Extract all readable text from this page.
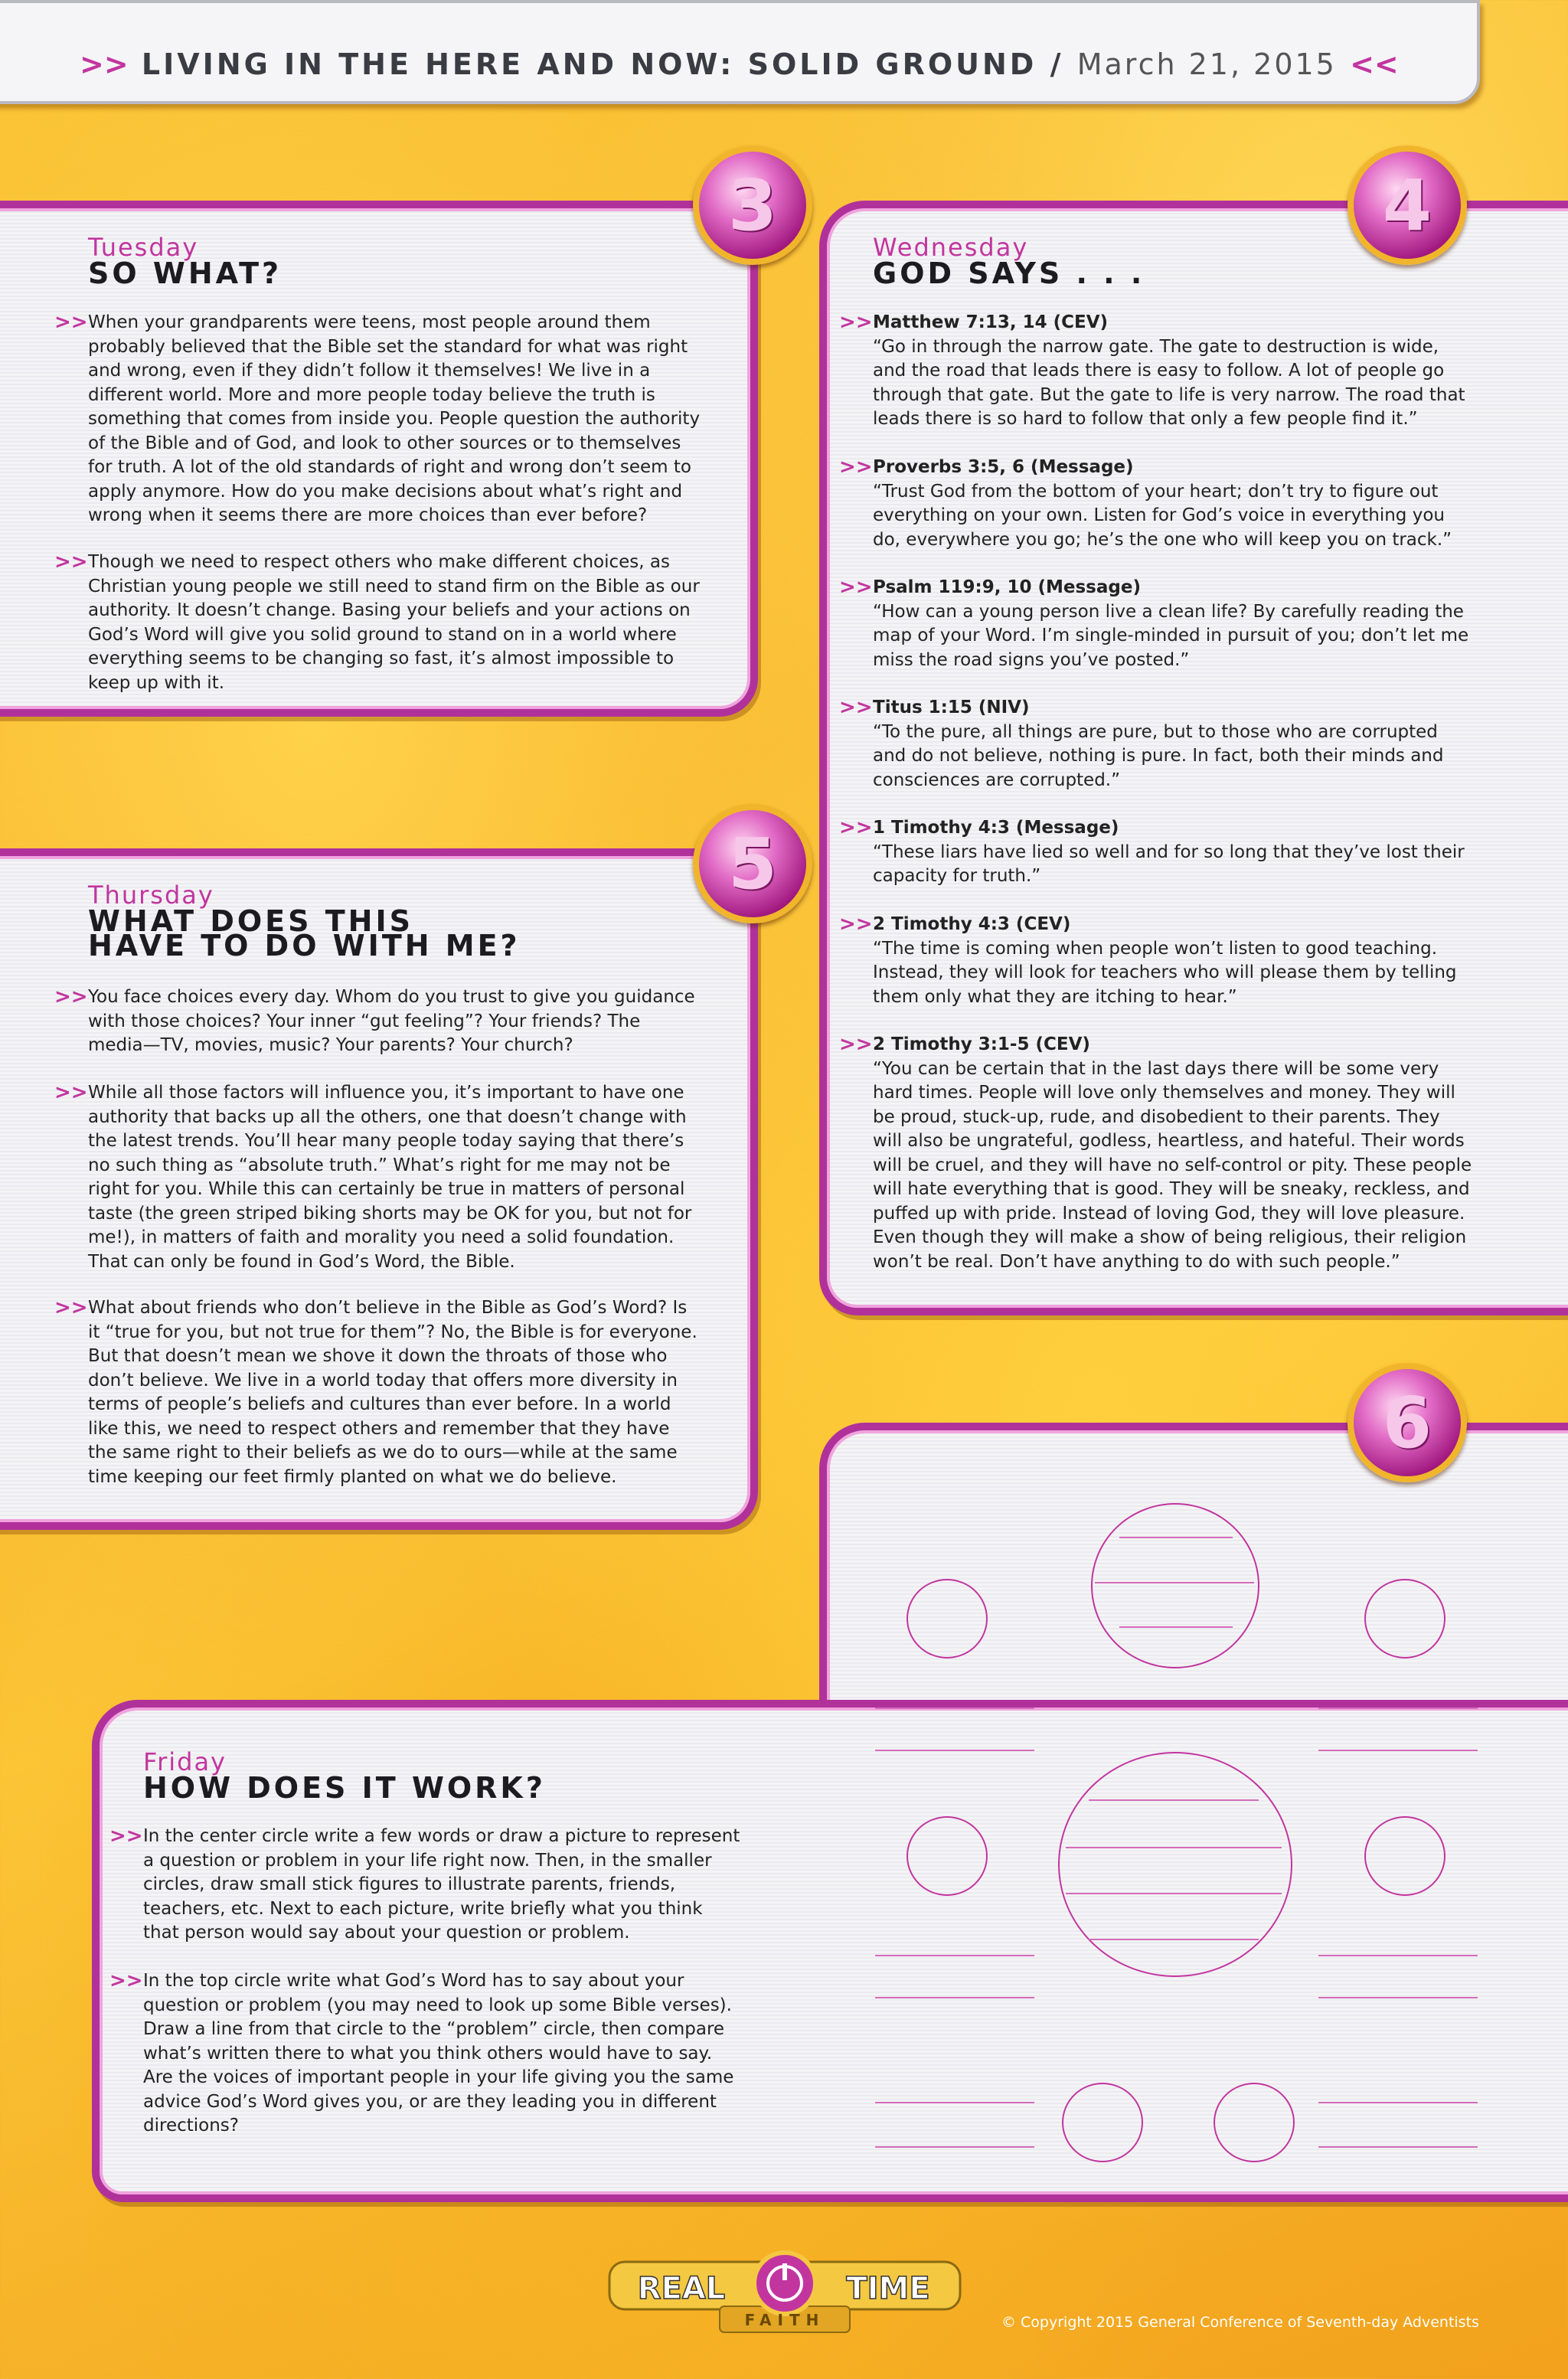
>> LIVING IN THE HERE AND NOW: SOLID GROUND / March 21, 2015 <<
3
Tuesday
SO WHAT?
>> When your grandparents were teens, most people around them probably believed that the Bible set the standard for what was right and wrong, even if they didn’t follow it themselves! We live in a different world. More and more people today believe the truth is something that comes from inside you. People question the authority of the Bible and of God, and look to other sources or to themselves for truth. A lot of the old standards of right and wrong don’t seem to apply anymore. How do you make decisions about what’s right and wrong when it seems there are more choices than ever before?
>> Though we need to respect others who make different choices, as Christian young people we still need to stand firm on the Bible as our authority. It doesn’t change. Basing your beliefs and your actions on God’s Word will give you solid ground to stand on in a world where everything seems to be changing so fast, it’s almost impossible to keep up with it.
4
Wednesday
GOD SAYS . . .
>> Matthew 7:13, 14 (CEV)
“Go in through the narrow gate. The gate to destruction is wide, and the road that leads there is easy to follow. A lot of people go through that gate. But the gate to life is very narrow. The road that leads there is so hard to follow that only a few people find it.”
>> Proverbs 3:5, 6 (Message)
“Trust God from the bottom of your heart; don’t try to figure out everything on your own. Listen for God’s voice in everything you do, everywhere you go; he’s the one who will keep you on track.”
>> Psalm 119:9, 10 (Message)
“How can a young person live a clean life? By carefully reading the map of your Word. I’m single-minded in pursuit of you; don’t let me miss the road signs you’ve posted.”
>> Titus 1:15 (NIV)
“To the pure, all things are pure, but to those who are corrupted and do not believe, nothing is pure. In fact, both their minds and consciences are corrupted.”
>> 1 Timothy 4:3 (Message)
“These liars have lied so well and for so long that they’ve lost their capacity for truth.”
>> 2 Timothy 4:3 (CEV)
“The time is coming when people won’t listen to good teaching. Instead, they will look for teachers who will please them by telling them only what they are itching to hear.”
>> 2 Timothy 3:1-5 (CEV)
“You can be certain that in the last days there will be some very hard times. People will love only themselves and money. They will be proud, stuck-up, rude, and disobedient to their parents. They will also be ungrateful, godless, heartless, and hateful. Their words will be cruel, and they will have no self-control or pity. These people will hate everything that is good. They will be sneaky, reckless, and puffed up with pride. Instead of loving God, they will love pleasure. Even though they will make a show of being religious, their religion won’t be real. Don’t have anything to do with such people.”
5
Thursday
WHAT DOES THIS
HAVE TO DO WITH ME?
>> You face choices every day. Whom do you trust to give you guidance with those choices? Your inner “gut feeling”? Your friends? The media—TV, movies, music? Your parents? Your church?
>> While all those factors will influence you, it’s important to have one authority that backs up all the others, one that doesn’t change with the latest trends. You’ll hear many people today saying that there’s no such thing as “absolute truth.” What’s right for me may not be right for you. While this can certainly be true in matters of personal taste (the green striped biking shorts may be OK for you, but not for me!), in matters of faith and morality you need a solid foundation. That can only be found in God’s Word, the Bible.
>> What about friends who don’t believe in the Bible as God’s Word? Is it “true for you, but not true for them”? No, the Bible is for everyone. But that doesn’t mean we shove it down the throats of those who don’t believe. We live in a world today that offers more diversity in terms of people’s beliefs and cultures than ever before. In a world like this, we need to respect others and remember that they have the same right to their beliefs as we do to ours—while at the same time keeping our feet firmly planted on what we do believe.
6
Friday
HOW DOES IT WORK?
>> In the center circle write a few words or draw a picture to represent a question or problem in your life right now. Then, in the smaller circles, draw small stick figures to illustrate parents, friends, teachers, etc. Next to each picture, write briefly what you think that person would say about your question or problem.
>> In the top circle write what God’s Word has to say about your question or problem (you may need to look up some Bible verses). Draw a line from that circle to the “problem” circle, then compare what’s written there to what you think others would have to say. Are the voices of important people in your life giving you the same advice God’s Word gives you, or are they leading you in different directions?
REAL	TIME
FAITH	© Copyright 2015 General Conference of Seventh-day Adventists
